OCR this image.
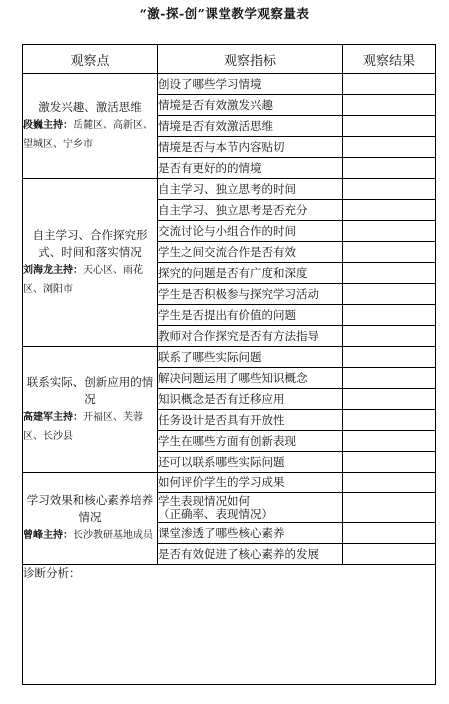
“激-探-创”课堂教学观察量表
观察点	观察指标	观察结果

激发兴趣、激活思维
段巍主持：岳麓区、高新区、望城区、宁乡市	创设了哪些学习情境	
	情境是否有效激发兴趣	
	情境是否有效激活思维	
	情境是否与本节内容贴切	
	是否有更好的的情境	

自主学习、合作探究形式、时间和落实情况
刘海龙主持：天心区、雨花区、浏阳市	自主学习、独立思考的时间	
	自主学习、独立思考是否充分	
	交流讨论与小组合作的时间	
	学生之间交流合作是否有效	
	探究的问题是否有广度和深度	
	学生是否积极参与探究学习活动	
	学生是否提出有价值的问题	
	教师对合作探究是否有方法指导	

联系实际、创新应用的情况
高建军主持：开福区、芙蓉区、长沙县	联系了哪些实际问题	
	解决问题运用了哪些知识概念	
	知识概念是否有迁移应用	
	任务设计是否具有开放性	
	学生在哪些方面有创新表现	
	还可以联系哪些实际问题	

学习效果和核心素养培养情况
曾峰主持：长沙教研基地成员	如何评价学生的学习成果	

	学生表现情况如何
（正确率、表现情况）	

	课堂渗透了哪些核心素养	
	是否有效促进了核心素养的发展	
诊断分析：		
